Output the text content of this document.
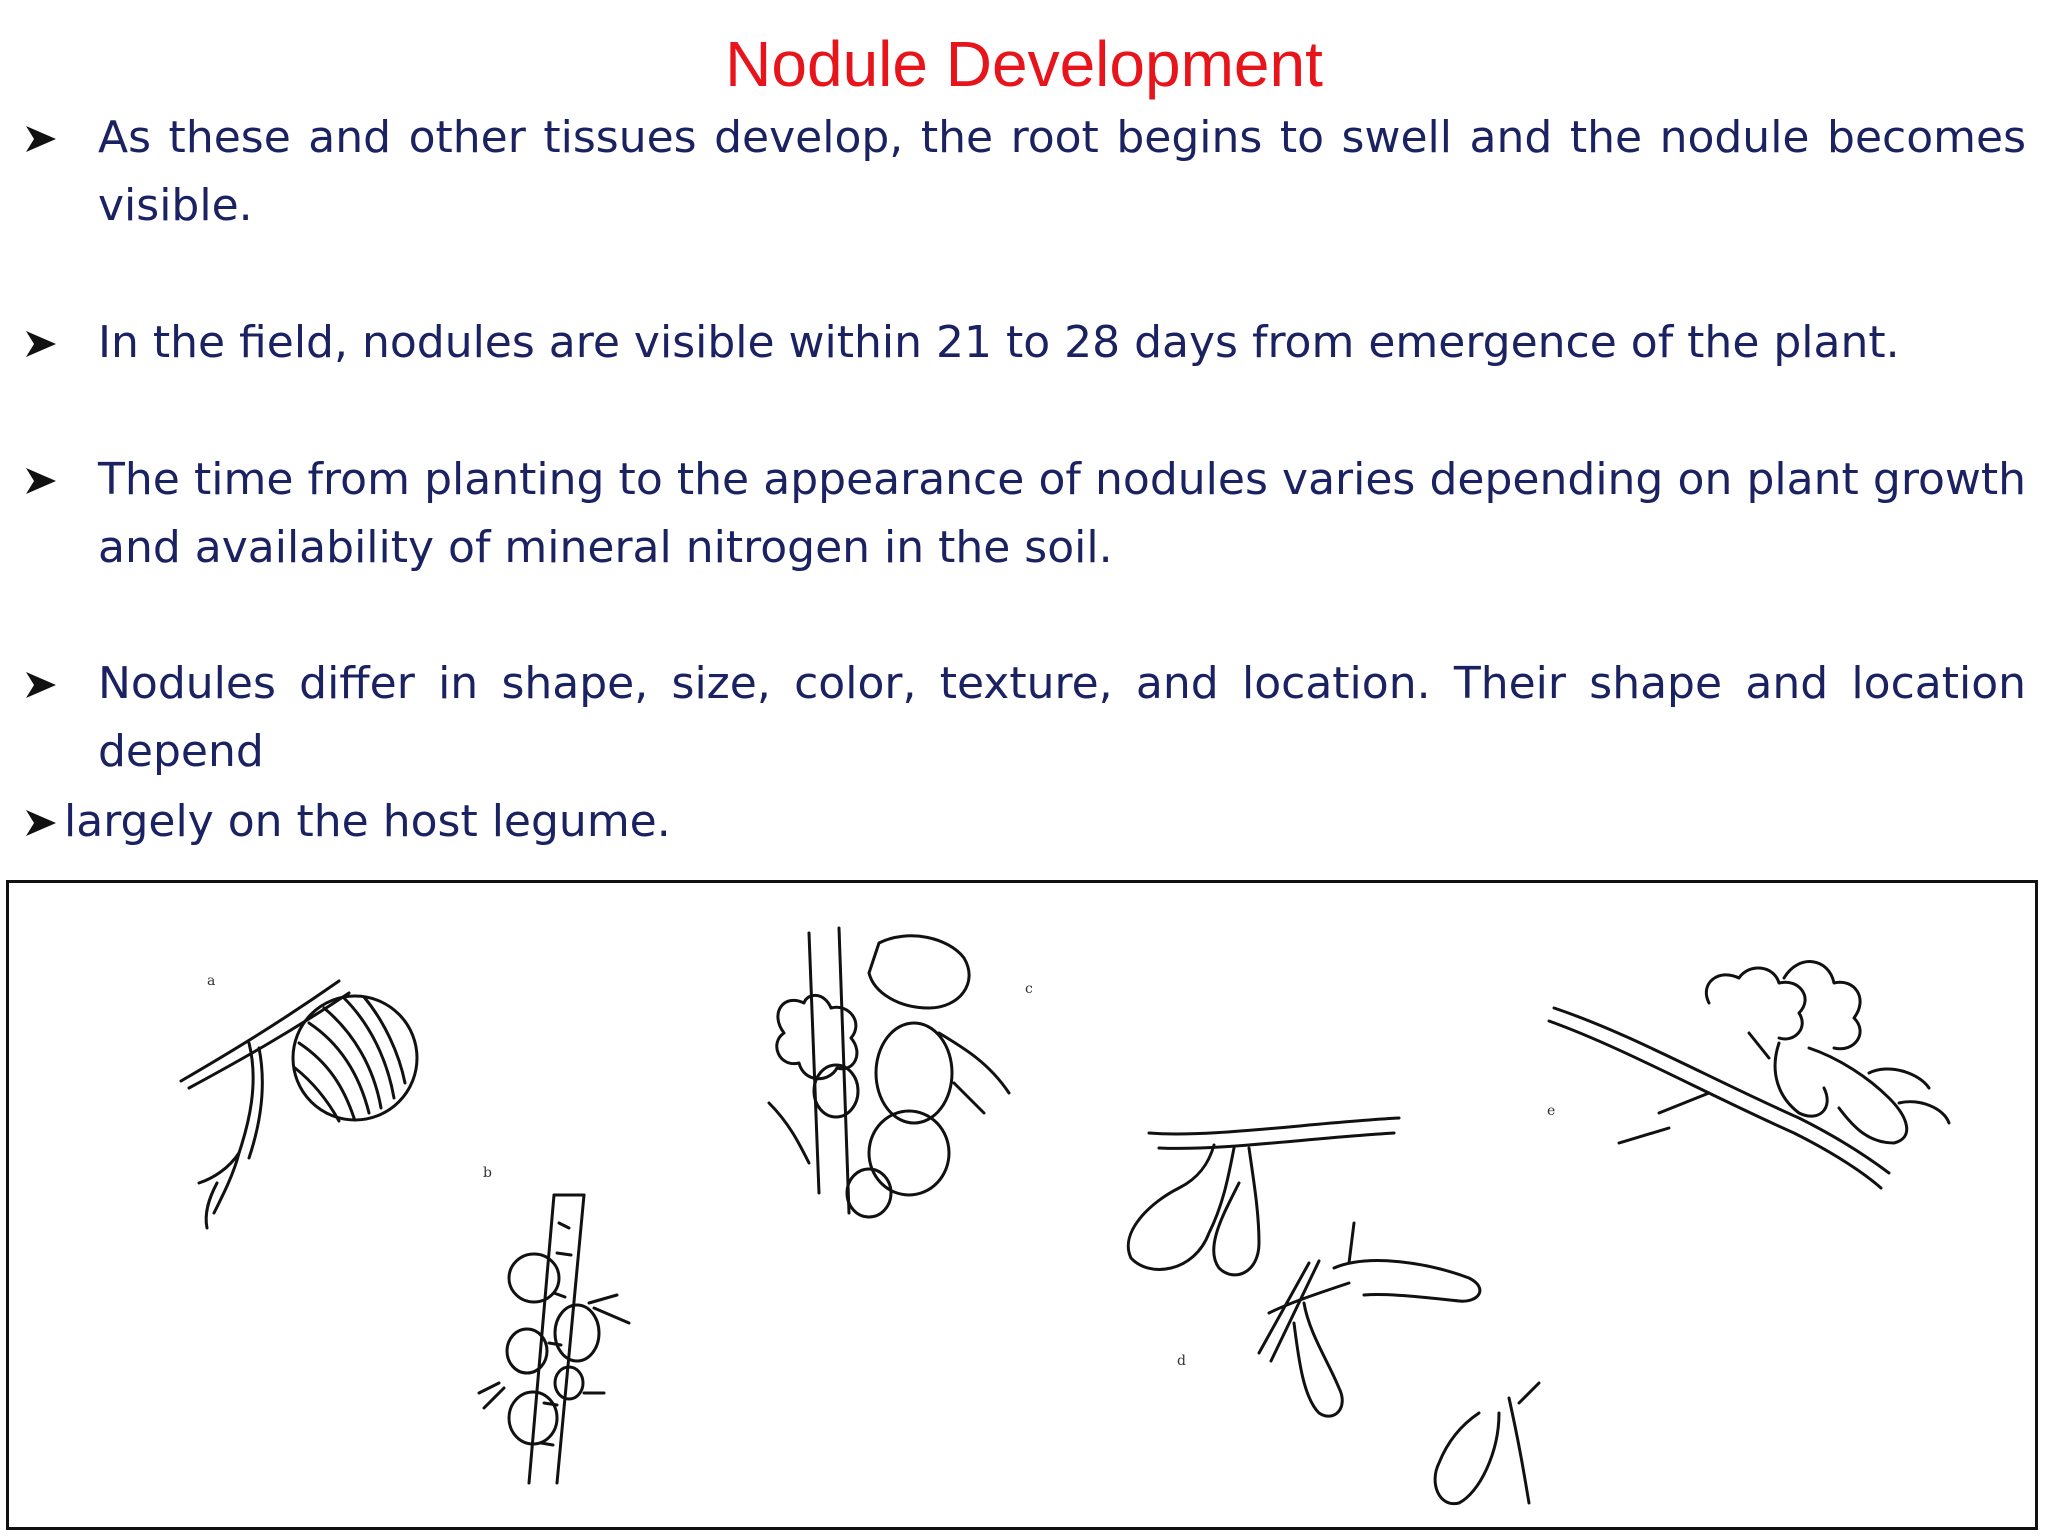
Nodule Development
As these and other tissues develop, the root begins to swell and the nodule becomes visible.
In the field, nodules are visible within 21 to 28 days from emergence of the plant.
The time from planting to the appearance of nodules varies depending on plant growth and availability of mineral nitrogen in the soil.
Nodules differ in shape, size, color, texture, and location. Their shape and location depend
largely on the host legume.
a
b
c
d
e
